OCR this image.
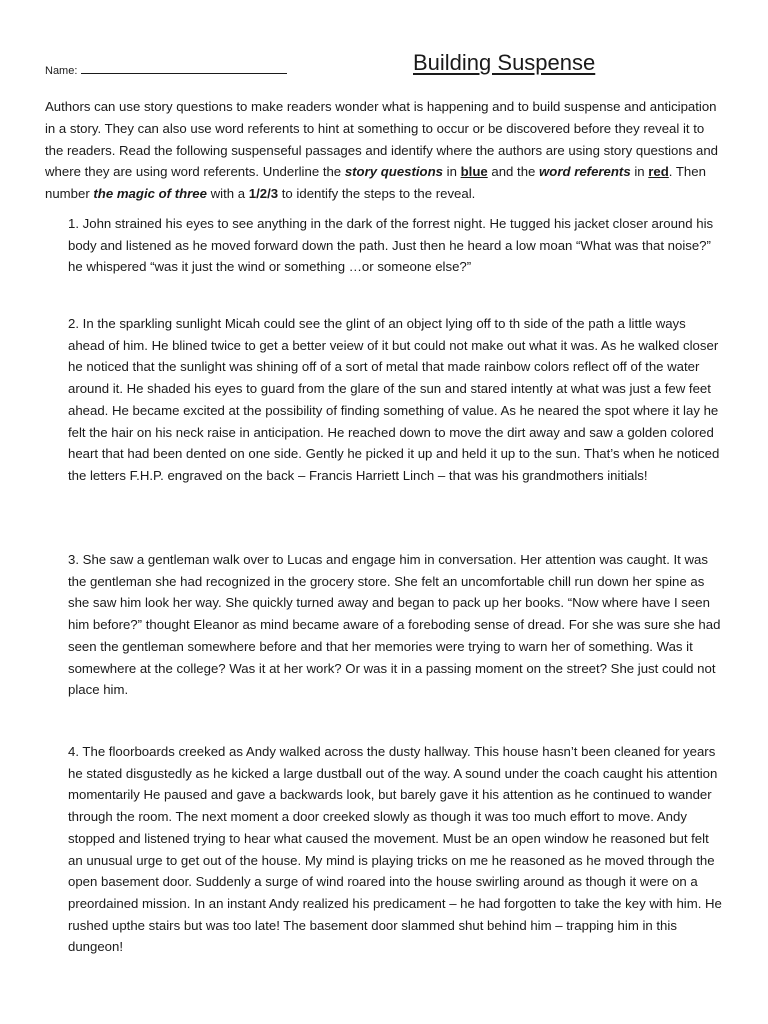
Name:	Building Suspense
Authors can use story questions to make readers wonder what is happening and to build suspense and anticipation in a story. They can also use word referents to hint at something to occur or be discovered before they reveal it to the readers. Read the following suspenseful passages and identify where the authors are using story questions and where they are using word referents. Underline the story questions in blue and the word referents in red. Then number the magic of three with a 1/2/3 to identify the steps to the reveal.
1. John strained his eyes to see anything in the dark of the forrest night. He tugged his jacket closer around his body and listened as he moved forward down the path. Just then he heard a low moan “What was that noise?” he whispered “was it just the wind or something …or someone else?”
2. In the sparkling sunlight Micah could see the glint of an object lying off to th side of the path a little ways ahead of him. He blined twice to get a better veiew of it but could not make out what it was. As he walked closer he noticed that the sunlight was shining off of a sort of metal that made rainbow colors reflect off of the water around it. He shaded his eyes to guard from the glare of the sun and stared intently at what was just a few feet ahead. He became excited at the possibility of finding something of value. As he neared the spot where it lay he felt the hair on his neck raise in anticipation. He reached down to move the dirt away and saw a golden colored heart that had been dented on one side. Gently he picked it up and held it up to the sun. That’s when he noticed the letters F.H.P. engraved on the back – Francis Harriett Linch – that was his grandmothers initials!
3. She saw a gentleman walk over to Lucas and engage him in conversation. Her attention was caught. It was the gentleman she had recognized in the grocery store. She felt an uncomfortable chill run down her spine as she saw him look her way. She quickly turned away and began to pack up her books. “Now where have I seen him before?” thought Eleanor as mind became aware of a foreboding sense of dread. For she was sure she had seen the gentleman somewhere before and that her memories were trying to warn her of something. Was it somewhere at the college? Was it at her work? Or was it in a passing moment on the street? She just could not place him.
4. The floorboards creeked as Andy walked across the dusty hallway. This house hasn’t been cleaned for years he stated disgustedly as he kicked a large dustball out of the way. A sound under the coach caught his attention momentarily He paused and gave a backwards look, but barely gave it his attention as he continued to wander through the room. The next moment a door creeked slowly as though it was too much effort to move. Andy stopped and listened trying to hear what caused the movement. Must be an open window he reasoned but felt an unusual urge to get out of the house. My mind is playing tricks on me he reasoned as he moved through the open basement door. Suddenly a surge of wind roared into the house swirling around as though it were on a preordained mission. In an instant Andy realized his predicament – he had forgotten to take the key with him. He rushed upthe stairs but was too late! The basement door slammed shut behind him – trapping him in this dungeon!
